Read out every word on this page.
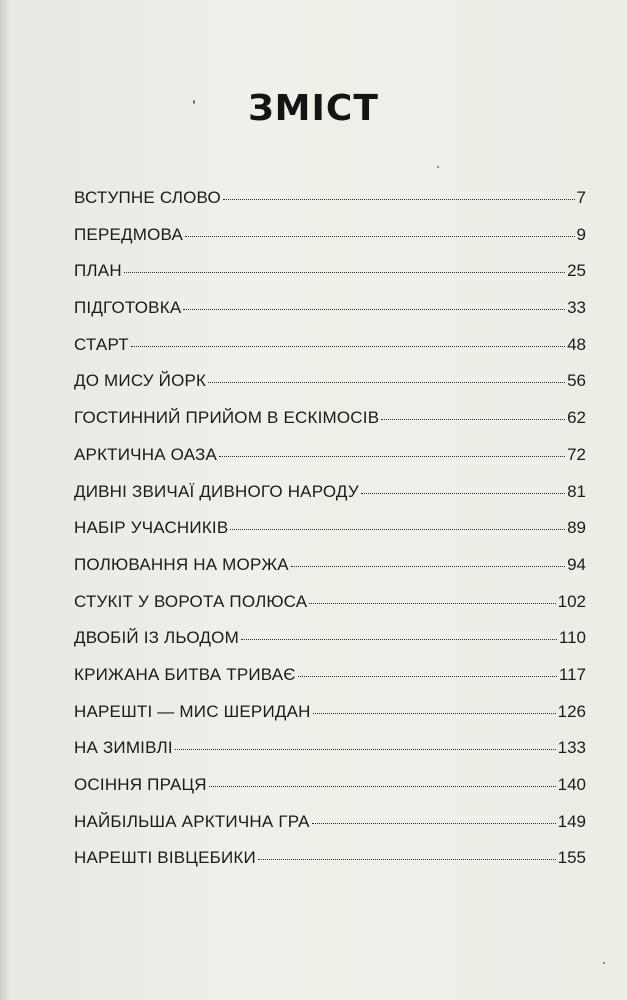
ЗМІСТ
ВСТУПНЕ СЛОВО	7
ПЕРЕДМОВА	9
ПЛАН	25
ПІДГОТОВКА	33
СТАРТ	48
ДО МИСУ ЙОРК	56
ГОСТИННИЙ ПРИЙОМ В ЕСКІМОСІВ	62
АРКТИЧНА ОАЗА	72
ДИВНІ ЗВИЧАЇ ДИВНОГО НАРОДУ	81
НАБІР УЧАСНИКІВ	89
ПОЛЮВАННЯ НА МОРЖА	94
СТУКІТ У ВОРОТА ПОЛЮСА	102
ДВОБІЙ ІЗ ЛЬОДОМ	110
КРИЖАНА БИТВА ТРИВАЄ	117
НАРЕШТІ — МИС ШЕРИДАН	126
НА ЗИМІВЛІ	133
ОСІННЯ ПРАЦЯ	140
НАЙБІЛЬША АРКТИЧНА ГРА	149
НАРЕШТІ ВІВЦЕБИКИ	155
